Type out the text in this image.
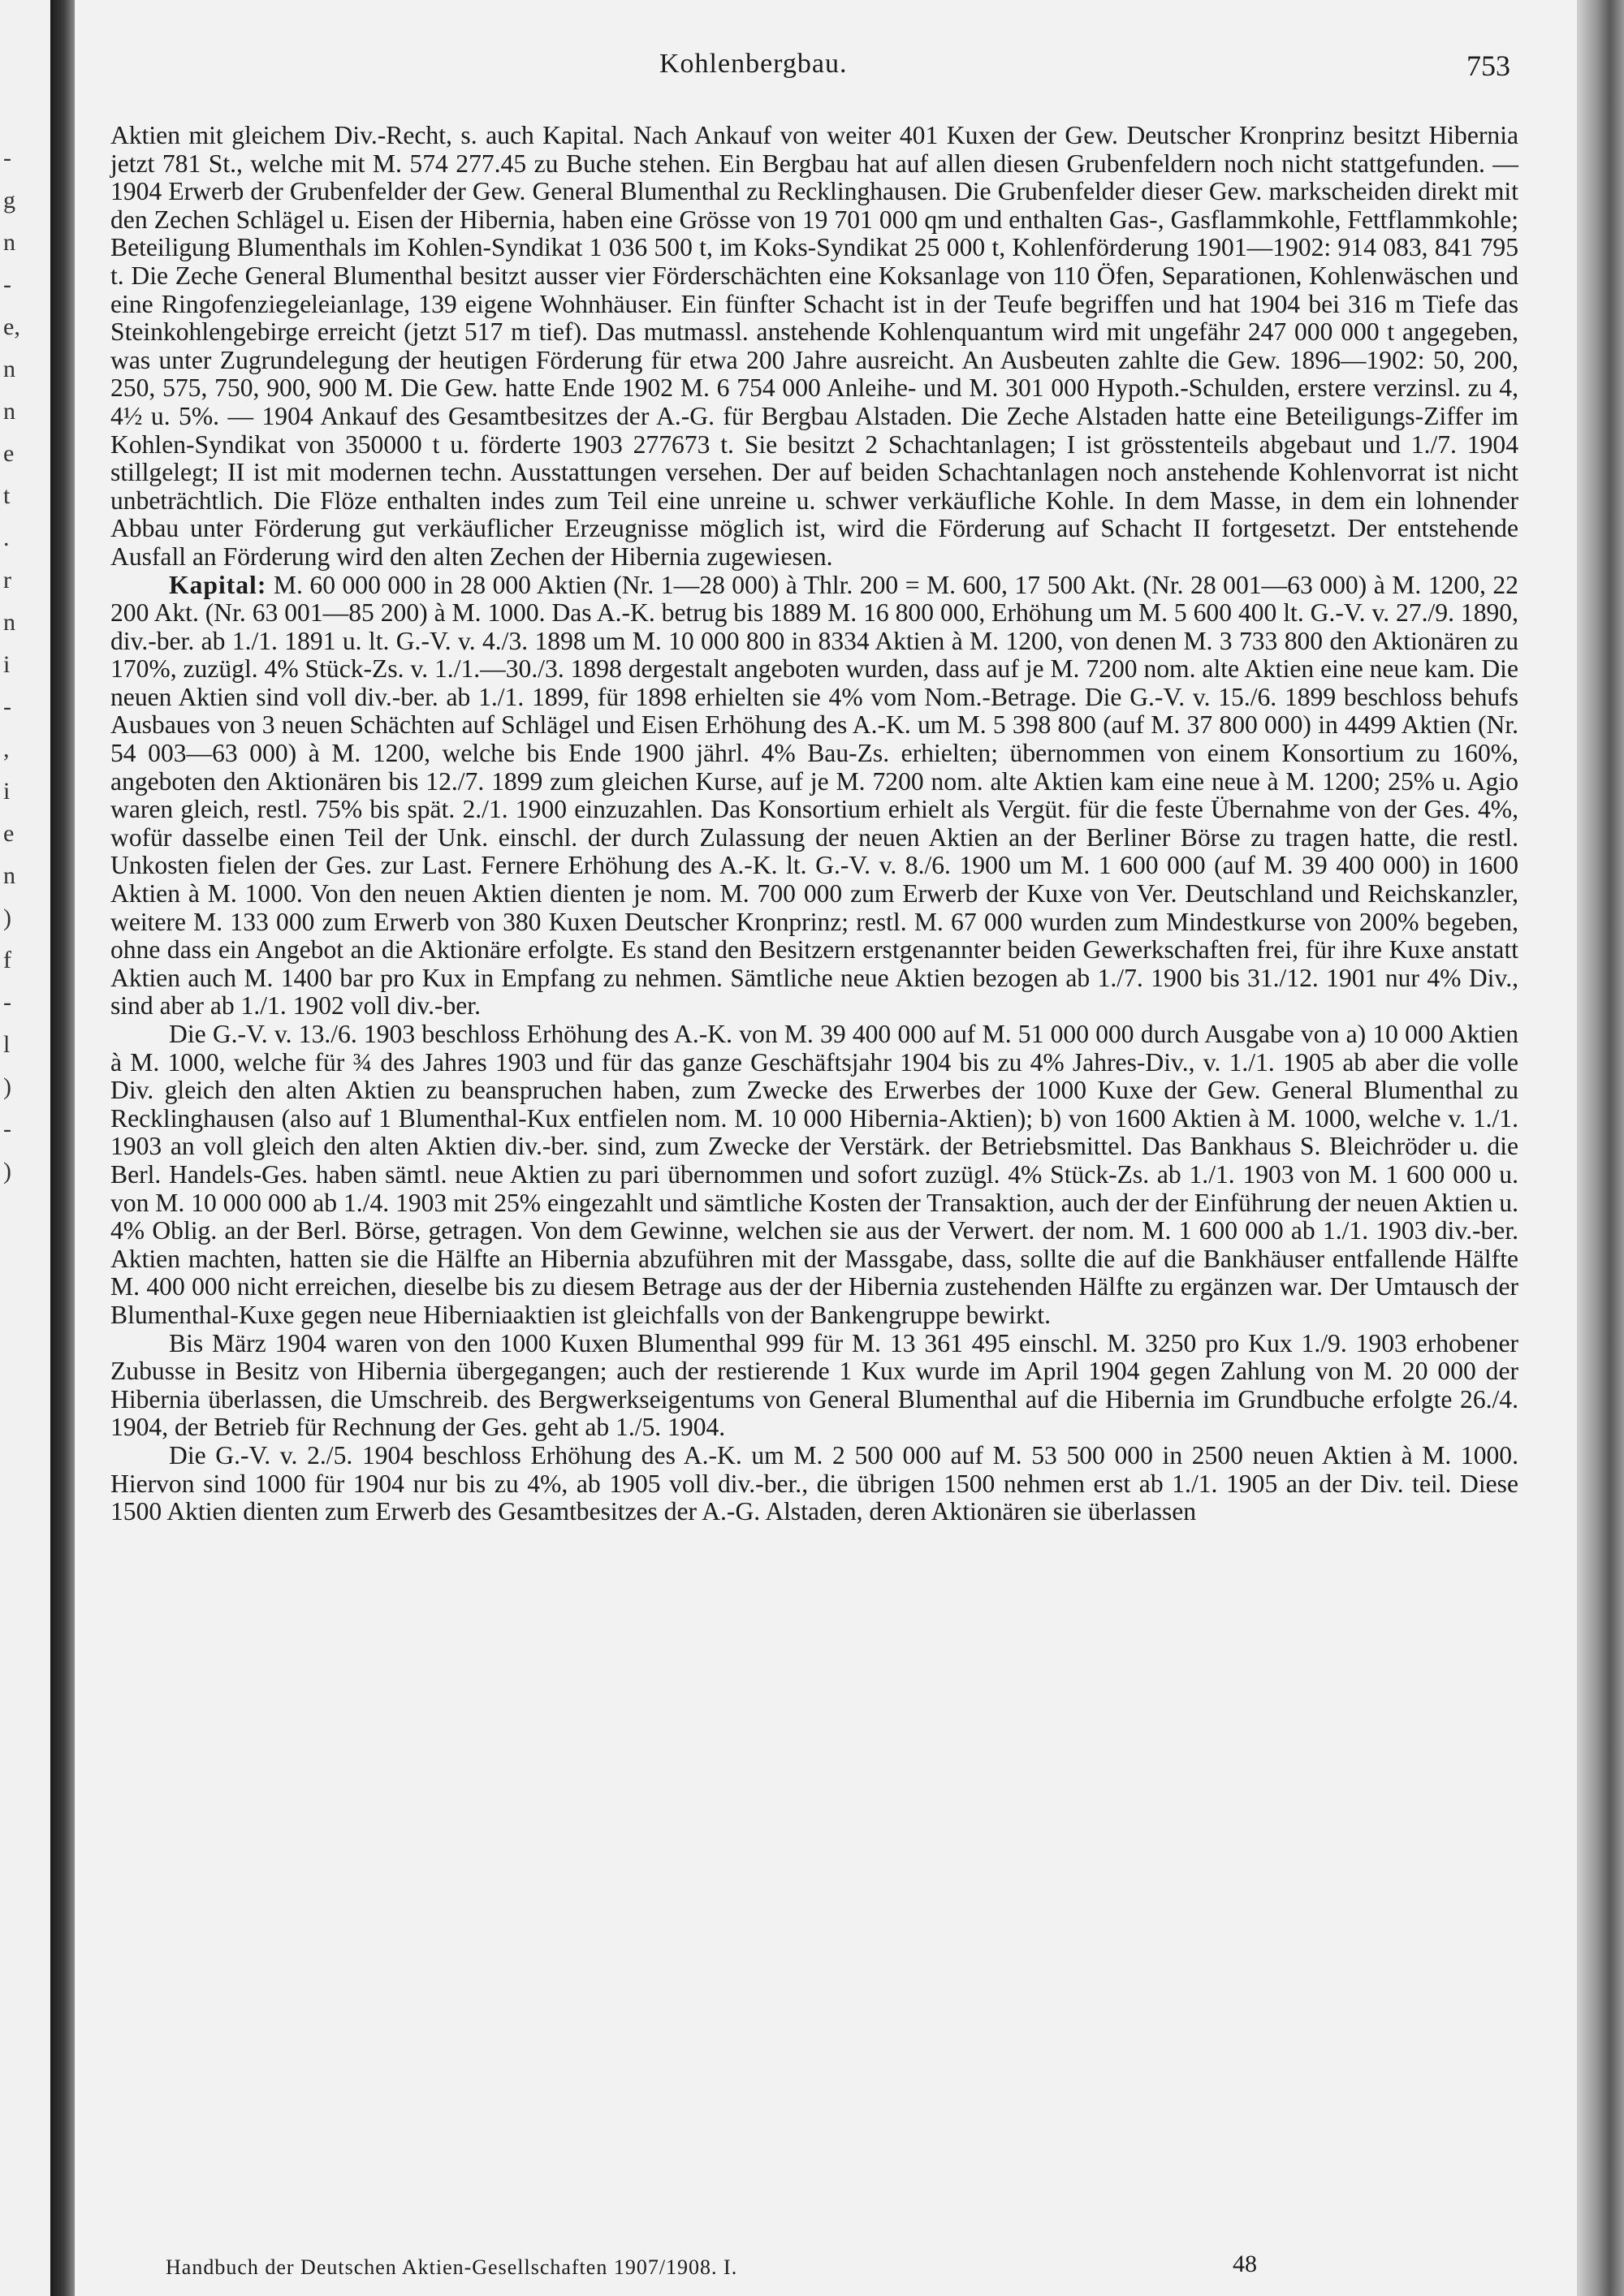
-
g
n
-
e,
n
n
e
t
.
r
n
i
-
,
i
e
n
)
f
-
l
)
-
)
Kohlenbergbau.	753

Aktien mit gleichem Div.-Recht, s. auch Kapital. Nach Ankauf von weiter 401 Kuxen der Gew. Deutscher Kronprinz besitzt Hibernia jetzt 781 St., welche mit M. 574 277.45 zu Buche stehen. Ein Bergbau hat auf allen diesen Grubenfeldern noch nicht stattgefunden. — 1904 Erwerb der Grubenfelder der Gew. General Blumenthal zu Recklinghausen. Die Grubenfelder dieser Gew. markscheiden direkt mit den Zechen Schlägel u. Eisen der Hibernia, haben eine Grösse von 19 701 000 qm und enthalten Gas-, Gasflammkohle, Fettflammkohle; Beteiligung Blumenthals im Kohlen-Syndikat 1 036 500 t, im Koks-Syndikat 25 000 t, Kohlenförderung 1901—1902: 914 083, 841 795 t. Die Zeche General Blumenthal besitzt ausser vier Förderschächten eine Koksanlage von 110 Öfen, Separationen, Kohlenwäschen und eine Ringofenziegeleianlage, 139 eigene Wohnhäuser. Ein fünfter Schacht ist in der Teufe begriffen und hat 1904 bei 316 m Tiefe das Steinkohlengebirge erreicht (jetzt 517 m tief). Das mutmassl. anstehende Kohlenquantum wird mit ungefähr 247 000 000 t angegeben, was unter Zugrundelegung der heutigen Förderung für etwa 200 Jahre ausreicht. An Ausbeuten zahlte die Gew. 1896—1902: 50, 200, 250, 575, 750, 900, 900 M. Die Gew. hatte Ende 1902 M. 6 754 000 Anleihe- und M. 301 000 Hypoth.-Schulden, erstere verzinsl. zu 4, 4½ u. 5%. — 1904 Ankauf des Gesamtbesitzes der A.-G. für Bergbau Alstaden. Die Zeche Alstaden hatte eine Beteiligungs-Ziffer im Kohlen-Syndikat von 350000 t u. förderte 1903 277673 t. Sie besitzt 2 Schachtanlagen; I ist grösstenteils abgebaut und 1./7. 1904 stillgelegt; II ist mit modernen techn. Ausstattungen versehen. Der auf beiden Schachtanlagen noch anstehende Kohlenvorrat ist nicht unbeträchtlich. Die Flöze enthalten indes zum Teil eine unreine u. schwer verkäufliche Kohle. In dem Masse, in dem ein lohnender Abbau unter Förderung gut verkäuflicher Erzeugnisse möglich ist, wird die Förderung auf Schacht II fortgesetzt. Der entstehende Ausfall an Förderung wird den alten Zechen der Hibernia zugewiesen.

Kapital: M. 60 000 000 in 28 000 Aktien (Nr. 1—28 000) à Thlr. 200 = M. 600, 17 500 Akt. (Nr. 28 001—63 000) à M. 1200, 22 200 Akt. (Nr. 63 001—85 200) à M. 1000. Das A.-K. betrug bis 1889 M. 16 800 000, Erhöhung um M. 5 600 400 lt. G.-V. v. 27./9. 1890, div.-ber. ab 1./1. 1891 u. lt. G.-V. v. 4./3. 1898 um M. 10 000 800 in 8334 Aktien à M. 1200, von denen M. 3 733 800 den Aktionären zu 170%, zuzügl. 4% Stück-Zs. v. 1./1.—30./3. 1898 dergestalt angeboten wurden, dass auf je M. 7200 nom. alte Aktien eine neue kam. Die neuen Aktien sind voll div.-ber. ab 1./1. 1899, für 1898 erhielten sie 4% vom Nom.-Betrage. Die G.-V. v. 15./6. 1899 beschloss behufs Ausbaues von 3 neuen Schächten auf Schlägel und Eisen Erhöhung des A.-K. um M. 5 398 800 (auf M. 37 800 000) in 4499 Aktien (Nr. 54 003—63 000) à M. 1200, welche bis Ende 1900 jährl. 4% Bau-Zs. erhielten; übernommen von einem Konsortium zu 160%, angeboten den Aktionären bis 12./7. 1899 zum gleichen Kurse, auf je M. 7200 nom. alte Aktien kam eine neue à M. 1200; 25% u. Agio waren gleich, restl. 75% bis spät. 2./1. 1900 einzuzahlen. Das Konsortium erhielt als Vergüt. für die feste Übernahme von der Ges. 4%, wofür dasselbe einen Teil der Unk. einschl. der durch Zulassung der neuen Aktien an der Berliner Börse zu tragen hatte, die restl. Unkosten fielen der Ges. zur Last. Fernere Erhöhung des A.-K. lt. G.-V. v. 8./6. 1900 um M. 1 600 000 (auf M. 39 400 000) in 1600 Aktien à M. 1000. Von den neuen Aktien dienten je nom. M. 700 000 zum Erwerb der Kuxe von Ver. Deutschland und Reichskanzler, weitere M. 133 000 zum Erwerb von 380 Kuxen Deutscher Kronprinz; restl. M. 67 000 wurden zum Mindestkurse von 200% begeben, ohne dass ein Angebot an die Aktionäre erfolgte. Es stand den Besitzern erstgenannter beiden Gewerkschaften frei, für ihre Kuxe anstatt Aktien auch M. 1400 bar pro Kux in Empfang zu nehmen. Sämtliche neue Aktien bezogen ab 1./7. 1900 bis 31./12. 1901 nur 4% Div., sind aber ab 1./1. 1902 voll div.-ber.

Die G.-V. v. 13./6. 1903 beschloss Erhöhung des A.-K. von M. 39 400 000 auf M. 51 000 000 durch Ausgabe von a) 10 000 Aktien à M. 1000, welche für ¾ des Jahres 1903 und für das ganze Geschäftsjahr 1904 bis zu 4% Jahres-Div., v. 1./1. 1905 ab aber die volle Div. gleich den alten Aktien zu beanspruchen haben, zum Zwecke des Erwerbes der 1000 Kuxe der Gew. General Blumenthal zu Recklinghausen (also auf 1 Blumenthal-Kux entfielen nom. M. 10 000 Hibernia-Aktien); b) von 1600 Aktien à M. 1000, welche v. 1./1. 1903 an voll gleich den alten Aktien div.-ber. sind, zum Zwecke der Verstärk. der Betriebsmittel. Das Bankhaus S. Bleichröder u. die Berl. Handels-Ges. haben sämtl. neue Aktien zu pari übernommen und sofort zuzügl. 4% Stück-Zs. ab 1./1. 1903 von M. 1 600 000 u. von M. 10 000 000 ab 1./4. 1903 mit 25% eingezahlt und sämtliche Kosten der Transaktion, auch der der Einführung der neuen Aktien u. 4% Oblig. an der Berl. Börse, getragen. Von dem Gewinne, welchen sie aus der Verwert. der nom. M. 1 600 000 ab 1./1. 1903 div.-ber. Aktien machten, hatten sie die Hälfte an Hibernia abzuführen mit der Massgabe, dass, sollte die auf die Bankhäuser entfallende Hälfte M. 400 000 nicht erreichen, dieselbe bis zu diesem Betrage aus der der Hibernia zustehenden Hälfte zu ergänzen war. Der Umtausch der Blumenthal-Kuxe gegen neue Hiberniaaktien ist gleichfalls von der Bankengruppe bewirkt.

Bis März 1904 waren von den 1000 Kuxen Blumenthal 999 für M. 13 361 495 einschl. M. 3250 pro Kux 1./9. 1903 erhobener Zubusse in Besitz von Hibernia übergegangen; auch der restierende 1 Kux wurde im April 1904 gegen Zahlung von M. 20 000 der Hibernia überlassen, die Umschreib. des Bergwerkseigentums von General Blumenthal auf die Hibernia im Grundbuche erfolgte 26./4. 1904, der Betrieb für Rechnung der Ges. geht ab 1./5. 1904.

Die G.-V. v. 2./5. 1904 beschloss Erhöhung des A.-K. um M. 2 500 000 auf M. 53 500 000 in 2500 neuen Aktien à M. 1000. Hiervon sind 1000 für 1904 nur bis zu 4%, ab 1905 voll div.-ber., die übrigen 1500 nehmen erst ab 1./1. 1905 an der Div. teil. Diese 1500 Aktien dienten zum Erwerb des Gesamtbesitzes der A.-G. Alstaden, deren Aktionären sie überlassen

Handbuch der Deutschen Aktien-Gesellschaften 1907/1908. I.	48
